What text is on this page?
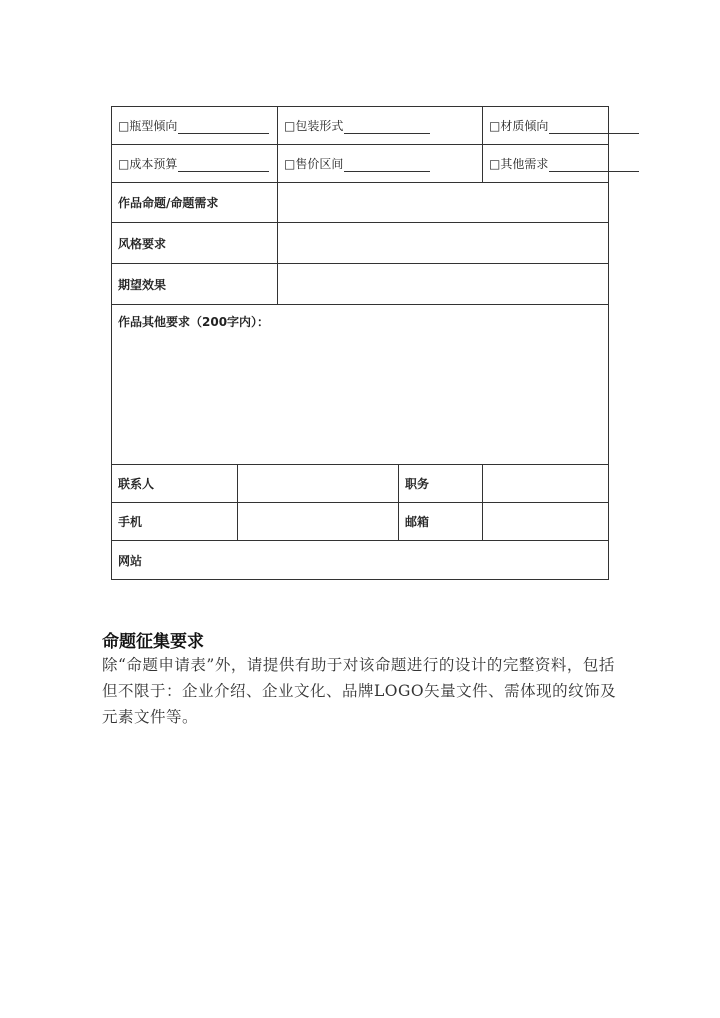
□瓶型倾向		□包装形式		□材质倾向
□成本预算		□售价区间		□其他需求
作品命题/命题需求				
风格要求				
期望效果				
作品其他要求（200字内）：				
联系人			职务	
手机			邮箱	
网站				
命题征集要求

除“命题申请表”外，请提供有助于对该命题进行的设计的完整资料，包括但不限于：企业介绍、企业文化、品牌LOGO矢量文件、需体现的纹饰及元素文件等。
